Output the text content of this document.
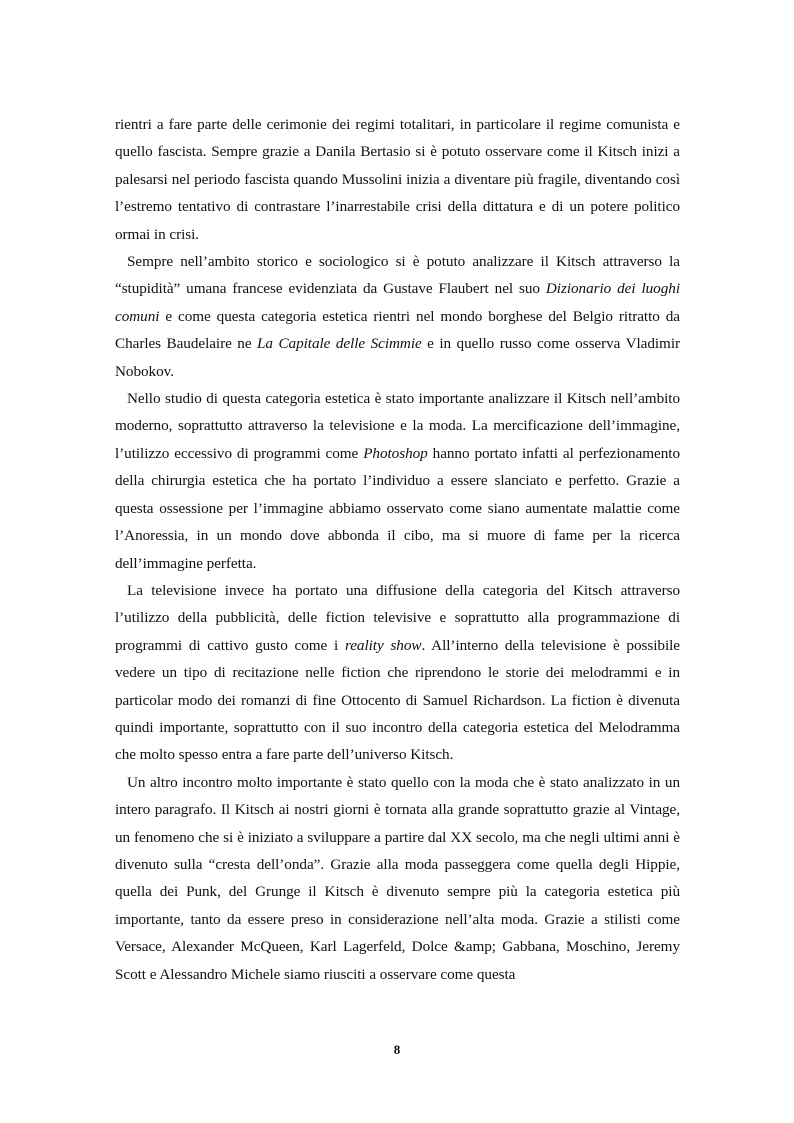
rientri a fare parte delle cerimonie dei regimi totalitari, in particolare il regime comunista e quello fascista. Sempre grazie a Danila Bertasio si è potuto osservare come il Kitsch inizi a palesarsi nel periodo fascista quando Mussolini inizia a diventare più fragile, diventando così l’estremo tentativo di contrastare l’inarrestabile crisi della dittatura e di un potere politico ormai in crisi.

Sempre nell’ambito storico e sociologico si è potuto analizzare il Kitsch attraverso la “stupidità” umana francese evidenziata da Gustave Flaubert nel suo Dizionario dei luoghi comuni e come questa categoria estetica rientri nel mondo borghese del Belgio ritratto da Charles Baudelaire ne La Capitale delle Scimmie e in quello russo come osserva Vladimir Nobokov.

Nello studio di questa categoria estetica è stato importante analizzare il Kitsch nell’ambito moderno, soprattutto attraverso la televisione e la moda. La mercificazione dell’immagine, l’utilizzo eccessivo di programmi come Photoshop hanno portato infatti al perfezionamento della chirurgia estetica che ha portato l’individuo a essere slanciato e perfetto. Grazie a questa ossessione per l’immagine abbiamo osservato come siano aumentate malattie come l’Anoressia, in un mondo dove abbonda il cibo, ma si muore di fame per la ricerca dell’immagine perfetta.

La televisione invece ha portato una diffusione della categoria del Kitsch attraverso l’utilizzo della pubblicità, delle fiction televisive e soprattutto alla programmazione di programmi di cattivo gusto come i reality show. All’interno della televisione è possibile vedere un tipo di recitazione nelle fiction che riprendono le storie dei melodrammi e in particolar modo dei romanzi di fine Ottocento di Samuel Richardson. La fiction è divenuta quindi importante, soprattutto con il suo incontro della categoria estetica del Melodramma che molto spesso entra a fare parte dell’universo Kitsch.

Un altro incontro molto importante è stato quello con la moda che è stato analizzato in un intero paragrafo. Il Kitsch ai nostri giorni è tornata alla grande soprattutto grazie al Vintage, un fenomeno che si è iniziato a sviluppare a partire dal XX secolo, ma che negli ultimi anni è divenuto sulla “cresta dell’onda”. Grazie alla moda passeggera come quella degli Hippie, quella dei Punk, del Grunge il Kitsch è divenuto sempre più la categoria estetica più importante, tanto da essere preso in considerazione nell’alta moda. Grazie a stilisti come Versace, Alexander McQueen, Karl Lagerfeld, Dolce &amp; Gabbana, Moschino, Jeremy Scott e Alessandro Michele siamo riusciti a osservare come questa

8
